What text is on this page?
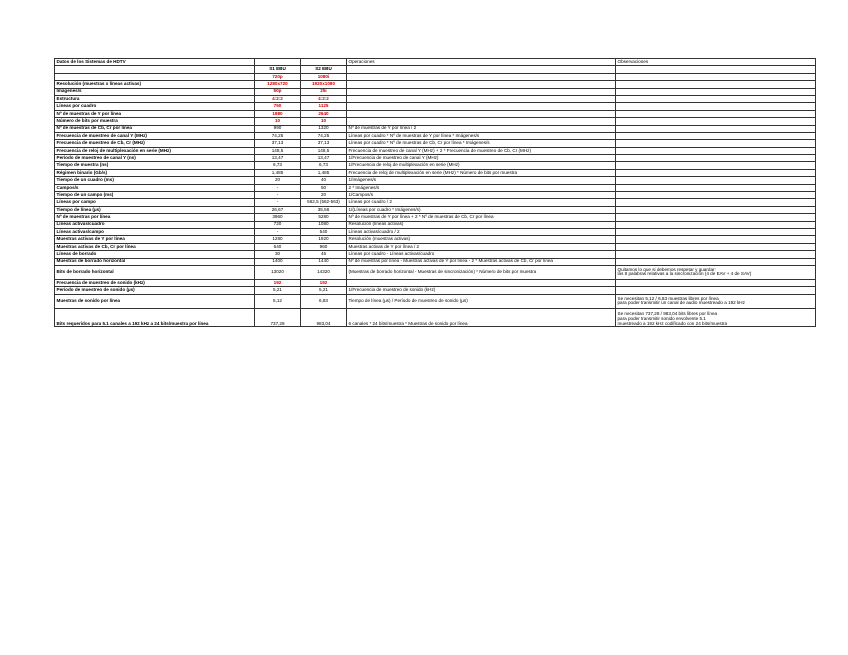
Datos de los Sistemas de HDTV			Operaciones	Observaciones
	S1 EBU	S2 EBU		
	720p	1080i		
Resolución (muestras x líneas activas)	1280x720	1920x1080		
Imágenes/s	50p	25i		
Estructura	4:2:2	4:2:2		
Líneas por cuadro	750	1125		
Nº de muestras de Y por línea	1980	2640		
Número de bits por muestra	10	10		
Nº de muestras de Cb, Cr por línea	990	1320	Nº de muestras de Y por línea / 2	
Frecuencia de muestreo de canal Y (MHz)	74,25	74,25	Líneas por cuadro * Nº de muestras de Y por línea * Imágenes/s	
Frecuencia de muestreo de Cb, Cr (MHz)	37,13	37,13	Líneas por cuadro * Nº de muestras de Cb, Cr por línea * Imágenes/s	
Frecuencia de reloj de multiplexación en serie (MHz)	148,5	148,5	Frecuencia de muestreo de canal Y (MHz) + 2 * Frecuencia de muestreo de Cb, Cr (MHz)	
Período de muestreo de canal Y (ns)	13,47	13,47	1/Frecuencia de muestreo de canal Y (MHz)	
Tiempo de muestra (ns)	6,73	6,73	1/Frecuencia de reloj de multiplexación en serie (MHz)	
Régimen binario (Gb/s)	1,485	1,485	Frecuencia de reloj de multiplexación en serie (MHz) * Número de bits por muestra	
Tiempo de un cuadro (ms)	20	40	1/Imágenes/s	
Campos/s	-	50	2 * Imágenes/s	
Tiempo de un campo (ms)	-	20	1/Campos/s	
Líneas por campo	-	562,5 (562-563)	Líneas por cuadro / 2	
Tiempo de línea (µs)	26,67	35,56	1/(Líneas por cuadro * Imágenes/s)	
Nº de muestras por línea	3960	5280	Nº de muestras de Y por línea + 2 * Nº de muestras de Cb, Cr por línea	
Líneas activas/cuadro	720	1080	Resolución (líneas activas)	
Líneas activas/campo	-	540	Líneas activas/cuadro / 2	
Muestras activas de Y por línea	1280	1920	Resolución (muestras activas)	
Muestras activas de Cb, Cr por línea	640	960	Muestras activas de Y por línea / 2	
Líneas de borrado	30	45	Líneas por cuadro - Líneas activas/cuadro	
Muestras de borrado horizontal	1400	1440	Nº de muestras por línea - Muestras activas de Y por línea - 2 * Muestras activas de Cb, Cr por línea	
Bits de borrado horizontal	13020	14320	(Muestras de borrado horizontal - Muestras de sincronización) * Número de bits por muestra	Quitamos lo que si debemos respetar y guardar:
las 8 palabras relativas a la sincronización (4 de EAV + 4 de SAV)

Frecuencia de muestreo de sonido (kHz)	192	192		
Período de muestreo de sonido (µs)	5,21	5,21	1/Frecuencia de muestreo de sonido (kHz)	
Muestras de sonido por línea	5,12	6,83	Tiempo de línea (µs) / Período de muestreo de sonido (µs)	Se necesitan 5,12 / 6,83 muestras libres por línea
para poder transmitir un canal de audio muestreado a 192 kHz

Bits requeridos para 5.1 canales a 192 kHz a 24 bits/muestra por línea	737,28	983,04	6 canales * 24 bits/muestra * Muestras de sonido por línea	Se necesitan 737,28 / 983,04 bits libres por línea
para poder transmitir sonido envolvente 5.1
muestreado a 192 kHz codificado con 24 bits/muestra
